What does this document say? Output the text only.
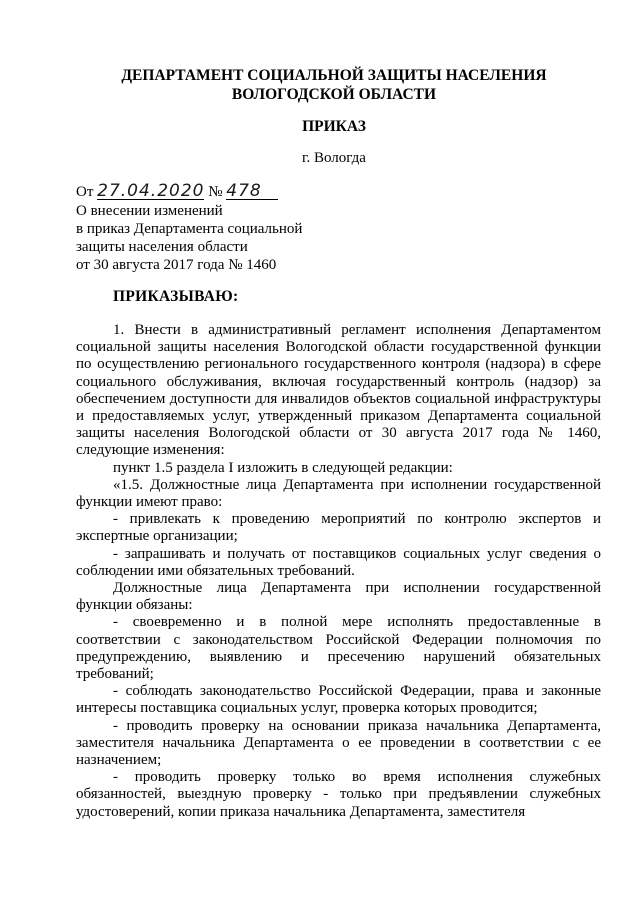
ДЕПАРТАМЕНТ СОЦИАЛЬНОЙ ЗАЩИТЫ НАСЕЛЕНИЯ
ВОЛОГОДСКОЙ ОБЛАСТИ
ПРИКАЗ
г. Вологда
От 27.04.2020 № 478
О внесении изменений
в приказ Департамента социальной
защиты населения области
от 30 августа 2017 года № 1460
ПРИКАЗЫВАЮ:

1. Внести в административный регламент исполнения Департаментом социальной защиты населения Вологодской области государственной функции по осуществлению регионального государственного контроля (надзора) в сфере социального обслуживания, включая государственный контроль (надзор) за обеспечением доступности для инвалидов объектов социальной инфраструктуры и предоставляемых услуг, утвержденный приказом Департамента социальной защиты населения Вологодской области от 30 августа 2017 года № 1460, следующие изменения:

пункт 1.5 раздела I изложить в следующей редакции:

«1.5. Должностные лица Департамента при исполнении государственной функции имеют право:

- привлекать к проведению мероприятий по контролю экспертов и экспертные организации;

- запрашивать и получать от поставщиков социальных услуг сведения о соблюдении ими обязательных требований.

Должностные лица Департамента при исполнении государственной функции обязаны:

- своевременно и в полной мере исполнять предоставленные в соответствии с законодательством Российской Федерации полномочия по предупреждению, выявлению и пресечению нарушений обязательных требований;

- соблюдать законодательство Российской Федерации, права и законные интересы поставщика социальных услуг, проверка которых проводится;

- проводить проверку на основании приказа начальника Департамента, заместителя начальника Департамента о ее проведении в соответствии с ее назначением;

- проводить проверку только во время исполнения служебных обязанностей, выездную проверку - только при предъявлении служебных удостоверений, копии приказа начальника Департамента, заместителя
